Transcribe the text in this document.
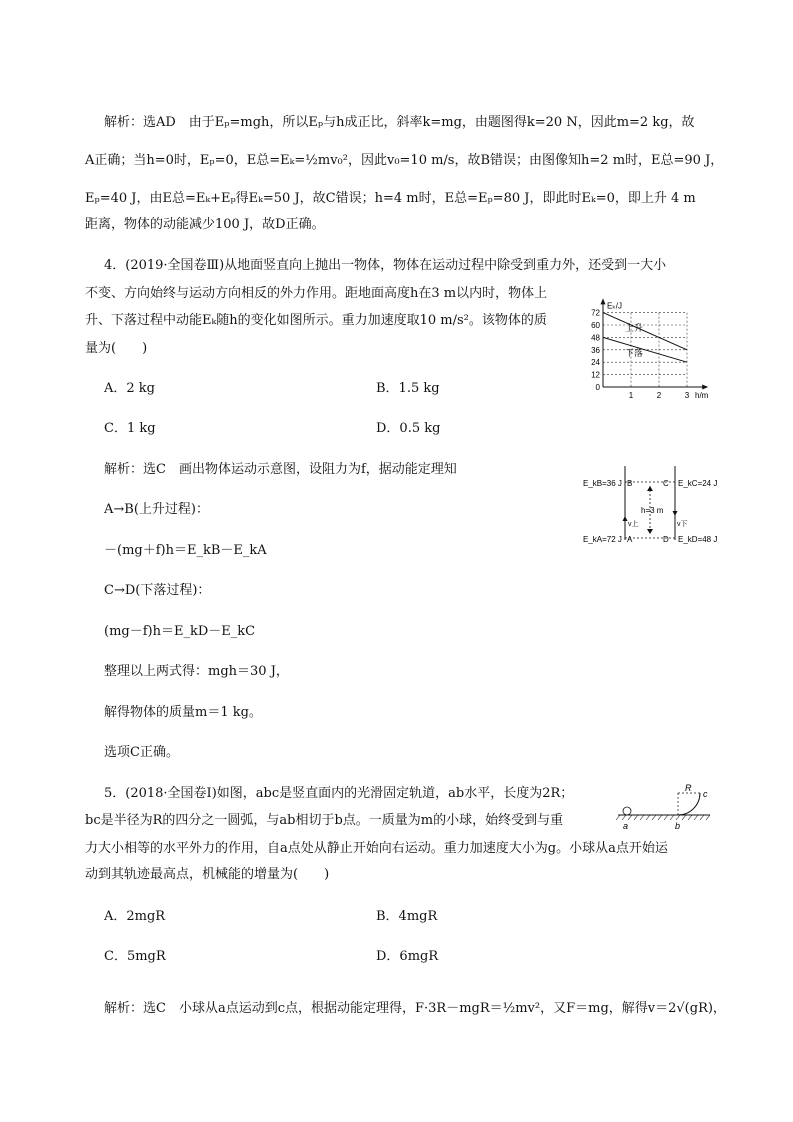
解析：选AD　由于Eₚ=mgh，所以Eₚ与h成正比，斜率k=mg，由题图得k=20 N，因此m=2 kg，故
A正确；当h=0时，Eₚ=0，E总=Eₖ=½mv₀²，因此v₀=10 m/s，故B错误；由图像知h=2 m时，E总=90 J，
Eₚ=40 J，由E总=Eₖ+Eₚ得Eₖ=50 J，故C错误；h=4 m时，E总=Eₚ=80 J，即此时Eₖ=0，即上升 4 m
距离，物体的动能减少100 J，故D正确。
4．(2019·全国卷Ⅲ)从地面竖直向上抛出一物体，物体在运动过程中除受到重力外，还受到一大小
不变、方向始终与运动方向相反的外力作用。距地面高度h在3 m以内时，物体上
升、下落过程中动能Eₖ随h的变化如图所示。重力加速度取10 m/s²。该物体的质
量为(　　)
A．2 kg	B．1.5 kg
C．1 kg	D．0.5 kg
上升
下落
0
12
24
36
48
60
72
1	2	3
Eₖ/J
h/m
解析：选C　画出物体运动示意图，设阻力为f，据动能定理知
A→B(上升过程)：
－(mg＋f)h＝E_kB－E_kA
C→D(下落过程)：
(mg－f)h＝E_kD－E_kC
整理以上两式得：mgh＝30 J，
解得物体的质量m＝1 kg。
选项C正确。
E_kB=36 J B	C E_kC=24 J
h=3 m
v上	v下
E_kA=72 J A	D E_kD=48 J
5．(2018·全国卷Ⅰ)如图，abc是竖直面内的光滑固定轨道，ab水平，长度为2R；
bc是半径为R的四分之一圆弧，与ab相切于b点。一质量为m的小球，始终受到与重
力大小相等的水平外力的作用，自a点处从静止开始向右运动。重力加速度大小为g。小球从a点开始运
动到其轨迹最高点，机械能的增量为(　　)
A．2mgR	B．4mgR
C．5mgR	D．6mgR
R
c
a	b
解析：选C　小球从a点运动到c点，根据动能定理得，F·3R－mgR＝½mv²，又F＝mg，解得v＝2√(gR)，
